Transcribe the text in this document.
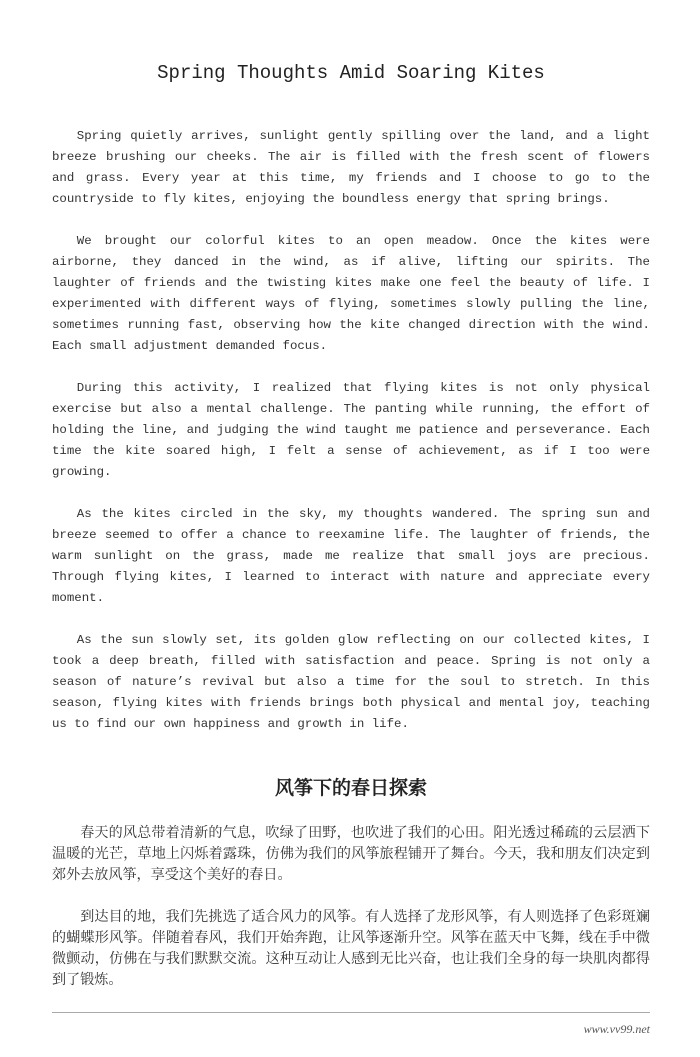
Spring Thoughts Amid Soaring Kites

Spring quietly arrives, sunlight gently spilling over the land, and a light breeze brushing our cheeks. The air is filled with the fresh scent of flowers and grass. Every year at this time, my friends and I choose to go to the countryside to fly kites, enjoying the boundless energy that spring brings.

We brought our colorful kites to an open meadow. Once the kites were airborne, they danced in the wind, as if alive, lifting our spirits. The laughter of friends and the twisting kites make one feel the beauty of life. I experimented with different ways of flying, sometimes slowly pulling the line, sometimes running fast, observing how the kite changed direction with the wind. Each small adjustment demanded focus.

During this activity, I realized that flying kites is not only physical exercise but also a mental challenge. The panting while running, the effort of holding the line, and judging the wind taught me patience and perseverance. Each time the kite soared high, I felt a sense of achievement, as if I too were growing.

As the kites circled in the sky, my thoughts wandered. The spring sun and breeze seemed to offer a chance to reexamine life. The laughter of friends, the warm sunlight on the grass, made me realize that small joys are precious. Through flying kites, I learned to interact with nature and appreciate every moment.

As the sun slowly set, its golden glow reflecting on our collected kites, I took a deep breath, filled with satisfaction and peace. Spring is not only a season of nature’s revival but also a time for the soul to stretch. In this season, flying kites with friends brings both physical and mental joy, teaching us to find our own happiness and growth in life.

风筝下的春日探索

春天的风总带着清新的气息，吹绿了田野，也吹进了我们的心田。阳光透过稀疏的云层洒下温暖的光芒，草地上闪烁着露珠，仿佛为我们的风筝旅程铺开了舞台。今天，我和朋友们决定到郊外去放风筝，享受这个美好的春日。

到达目的地，我们先挑选了适合风力的风筝。有人选择了龙形风筝，有人则选择了色彩斑斓的蝴蝶形风筝。伴随着春风，我们开始奔跑，让风筝逐渐升空。风筝在蓝天中飞舞，线在手中微微颤动，仿佛在与我们默默交流。这种互动让人感到无比兴奋，也让我们全身的每一块肌肉都得到了锻炼。

www.vv99.net
